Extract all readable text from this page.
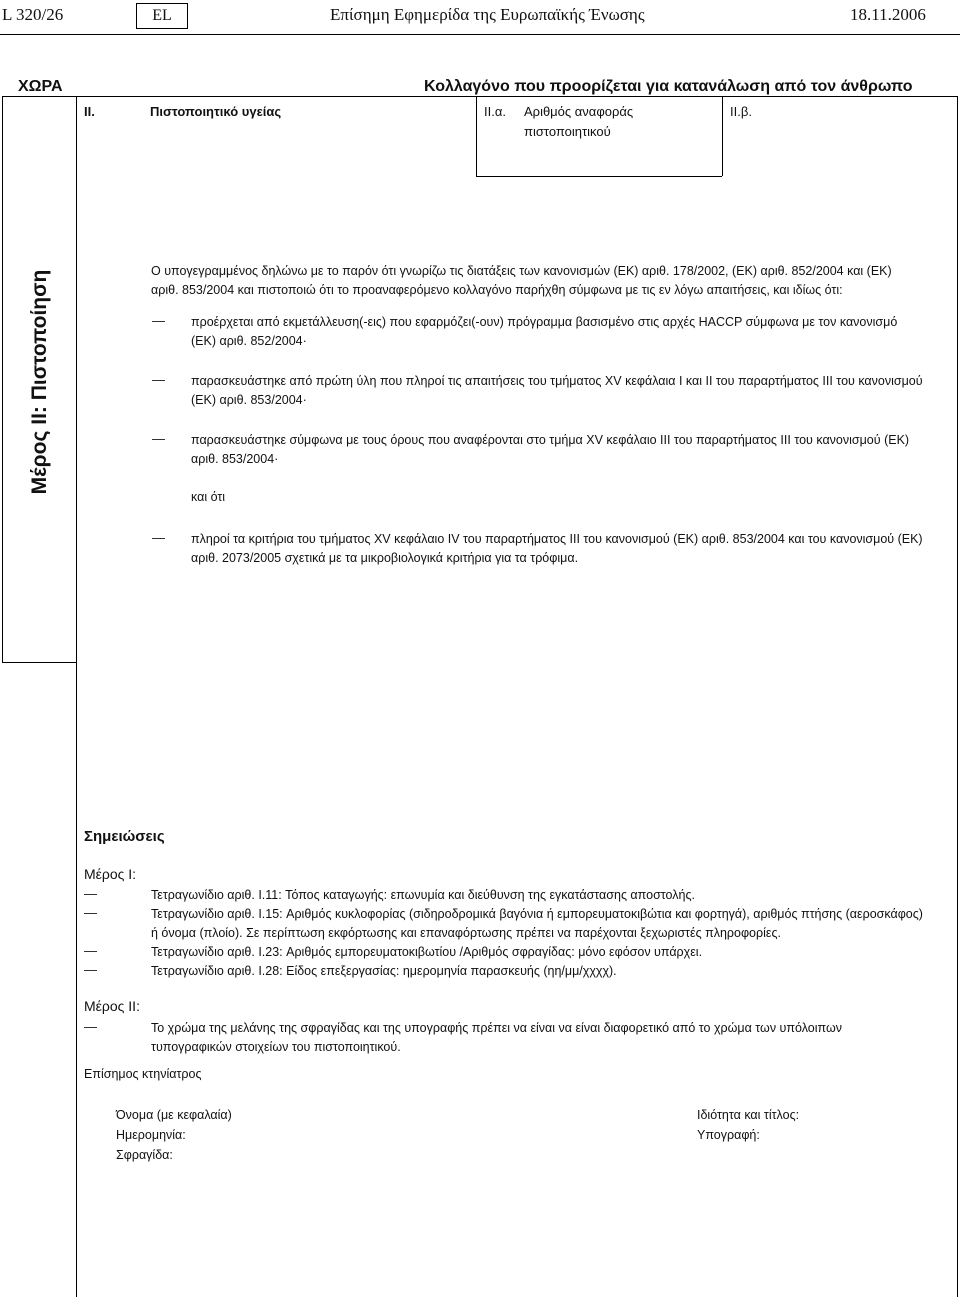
L 320/26	EL	Επίσημη Εφημερίδα της Ευρωπαϊκής Ένωσης	18.11.2006
ΧΩΡΑ	Κολλαγόνο που προορίζεται για κατανάλωση από τον άνθρωπο
II.	Πιστοποιητικό υγείας	II.α. Αριθμός αναφοράς
πιστοποιητικού
II.β.
Μέρος II: Πιστοποίηση	Ο υπογεγραμμένος δηλώνω με το παρόν ότι γνωρίζω τις διατάξεις των κανονισμών (ΕΚ) αριθ. 178/2002, (ΕΚ) αριθ. 852/2004 και (ΕΚ)
αριθ. 853/2004 και πιστοποιώ ότι το προαναφερόμενο κολλαγόνο παρήχθη σύμφωνα με τις εν λόγω απαιτήσεις, και ιδίως ότι:
— προέρχεται από εκμετάλλευση(-εις) που εφαρμόζει(-ουν) πρόγραμμα βασισμένο στις αρχές HACCP σύμφωνα με τον κανονισμό
(ΕΚ) αριθ. 852/2004·
— παρασκευάστηκε από πρώτη ύλη που πληροί τις απαιτήσεις του τμήματος XV κεφάλαια I και II του παραρτήματος III του κανονισμού
(ΕΚ) αριθ. 853/2004·
— παρασκευάστηκε σύμφωνα με τους όρους που αναφέρονται στο τμήμα XV κεφάλαιο III του παραρτήματος III του κανονισμού (ΕΚ)
αριθ. 853/2004·
και ότι
— πληροί τα κριτήρια του τμήματος XV κεφάλαιο IV του παραρτήματος III του κανονισμού (ΕΚ) αριθ. 853/2004 και του κανονισμού (ΕΚ)
αριθ. 2073/2005 σχετικά με τα μικροβιολογικά κριτήρια για τα τρόφιμα.
Σημειώσεις
Μέρος I:
—	Τετραγωνίδιο αριθ. I.11: Τόπος καταγωγής: επωνυμία και διεύθυνση της εγκατάστασης αποστολής.
—	Τετραγωνίδιο αριθ. I.15: Αριθμός κυκλοφορίας (σιδηροδρομικά βαγόνια ή εμπορευματοκιβώτια και φορτηγά), αριθμός πτήσης (αεροσκάφος)
ή όνομα (πλοίο). Σε περίπτωση εκφόρτωσης και επαναφόρτωσης πρέπει να παρέχονται ξεχωριστές πληροφορίες.
—	Τετραγωνίδιο αριθ. I.23: Αριθμός εμπορευματοκιβωτίου /Αριθμός σφραγίδας: μόνο εφόσον υπάρχει.
—	Τετραγωνίδιο αριθ. I.28: Είδος επεξεργασίας: ημερομηνία παρασκευής (ηη/μμ/χχχχ).
Μέρος II:
—	Το χρώμα της μελάνης της σφραγίδας και της υπογραφής πρέπει να είναι να είναι διαφορετικό από το χρώμα των υπόλοιπων
τυπογραφικών στοιχείων του πιστοποιητικού.
Επίσημος κτηνίατρος
Όνομα (με κεφαλαία)
Ημερομηνία:
Σφραγίδα:
Ιδιότητα και τίτλος:
Υπογραφή:
